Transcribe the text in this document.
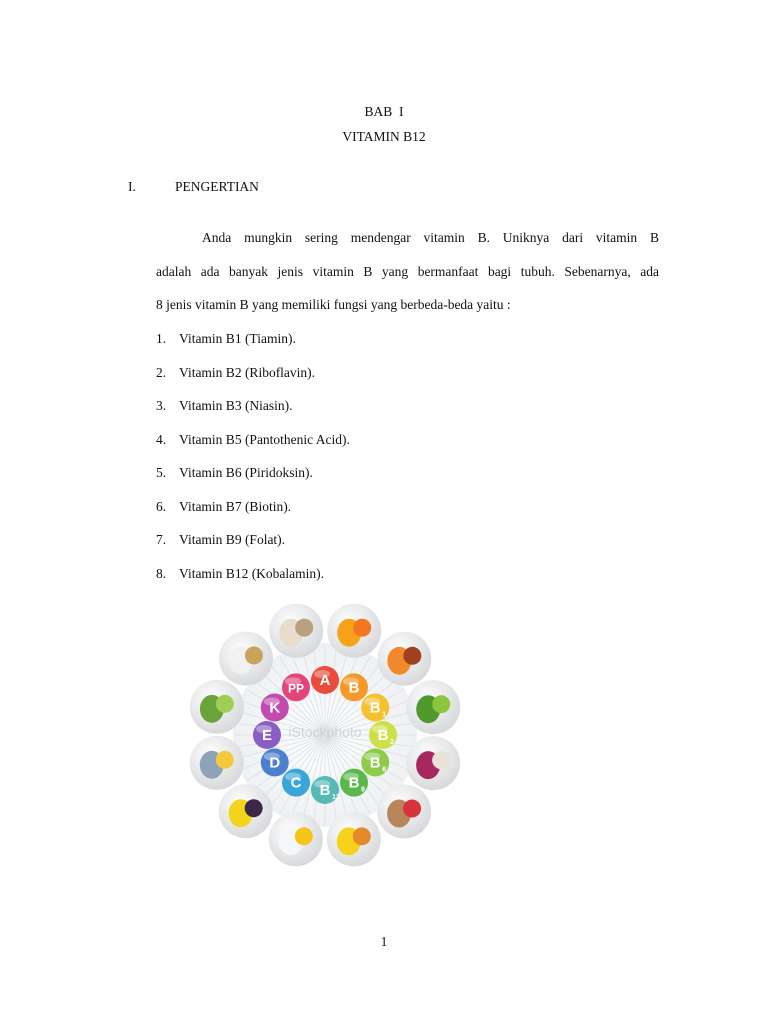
BAB  I
VITAMIN B12
I.	PENGERTIAN
Anda mungkin sering mendengar vitamin B. Uniknya dari vitamin B
adalah ada banyak jenis vitamin B yang bermanfaat bagi tubuh. Sebenarnya, ada
8 jenis vitamin B yang memiliki fungsi yang berbeda-beda yaitu :
1. Vitamin B1 (Tiamin).
2. Vitamin B2 (Riboflavin).
3. Vitamin B3 (Niasin).
4. Vitamin B5 (Pantothenic Acid).
5. Vitamin B6 (Piridoksin).
6. Vitamin B7 (Biotin).
7. Vitamin B9 (Folat).
8. Vitamin B12 (Kobalamin).
A B
B 1
B 2
B 6
B 9
B 12
C
D
E
K
PP
iStockphoto
1
